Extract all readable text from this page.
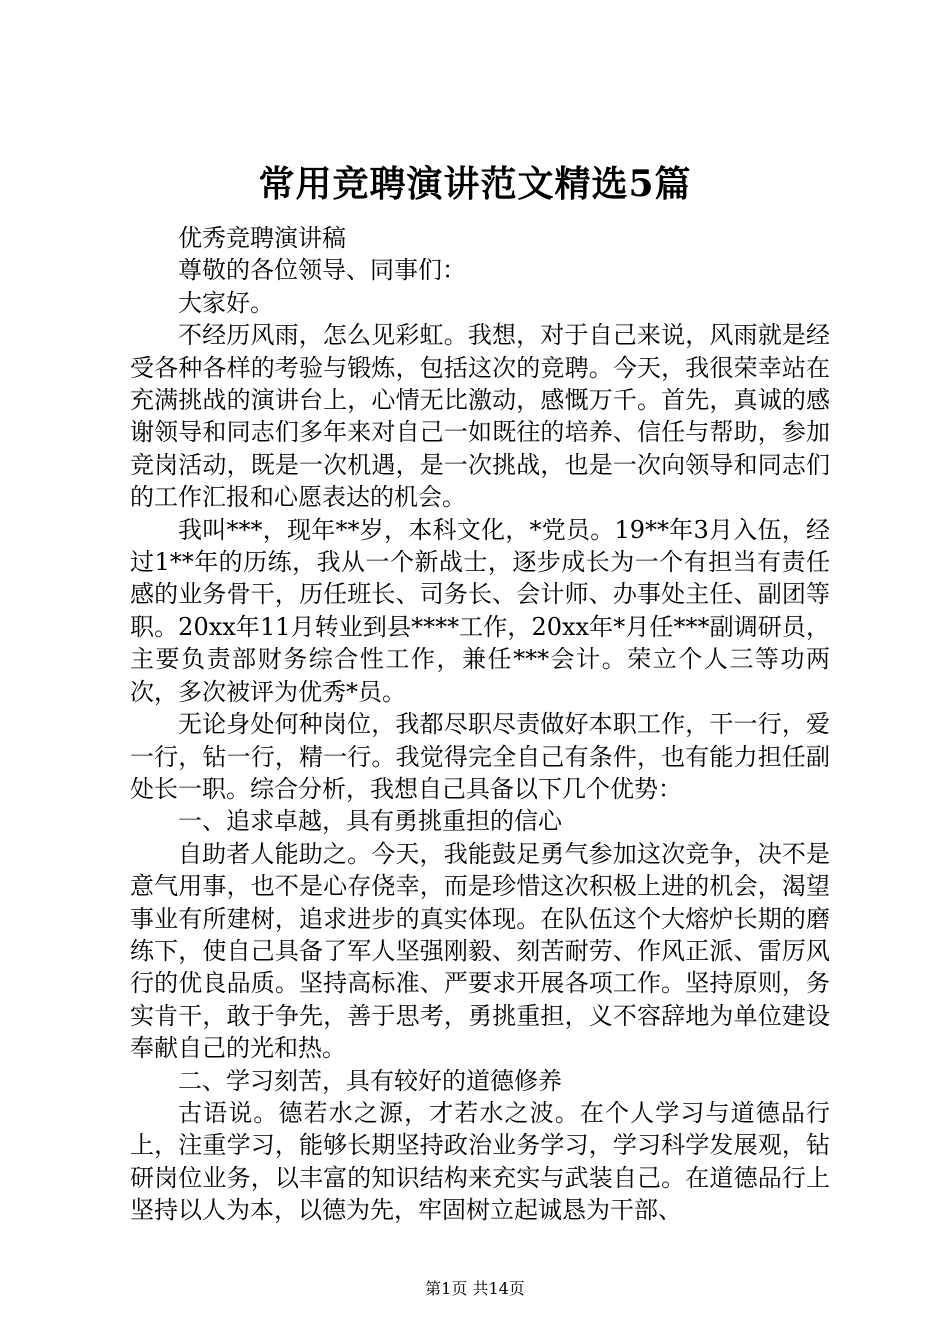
常用竞聘演讲范文精选5篇

优秀竞聘演讲稿

尊敬的各位领导、同事们：

大家好。

不经历风雨，怎么见彩虹。我想，对于自己来说，风雨就是经受各种各样的考验与锻炼，包括这次的竞聘。今天，我很荣幸站在充满挑战的演讲台上，心情无比激动，感慨万千。首先，真诚的感谢领导和同志们多年来对自己一如既往的培养、信任与帮助，参加竞岗活动，既是一次机遇，是一次挑战，也是一次向领导和同志们的工作汇报和心愿表达的机会。

我叫***，现年**岁，本科文化，*党员。19**年3月入伍，经过1**年的历练，我从一个新战士，逐步成长为一个有担当有责任感的业务骨干，历任班长、司务长、会计师、办事处主任、副团等职。20xx年11月转业到县****工作，20xx年*月任***副调研员，主要负责部财务综合性工作，兼任***会计。荣立个人三等功两次，多次被评为优秀*员。

无论身处何种岗位，我都尽职尽责做好本职工作，干一行，爱一行，钻一行，精一行。我觉得完全自己有条件，也有能力担任副处长一职。综合分析，我想自己具备以下几个优势：

一、追求卓越，具有勇挑重担的信心

自助者人能助之。今天，我能鼓足勇气参加这次竞争，决不是意气用事，也不是心存侥幸，而是珍惜这次积极上进的机会，渴望事业有所建树，追求进步的真实体现。在队伍这个大熔炉长期的磨练下，使自己具备了军人坚强刚毅、刻苦耐劳、作风正派、雷厉风行的优良品质。坚持高标准、严要求开展各项工作。坚持原则，务实肯干，敢于争先，善于思考，勇挑重担，义不容辞地为单位建设奉献自己的光和热。

二、学习刻苦，具有较好的道德修养

古语说。德若水之源，才若水之波。在个人学习与道德品行上，注重学习，能够长期坚持政治业务学习，学习科学发展观，钻研岗位业务，以丰富的知识结构来充实与武装自己。在道德品行上坚持以人为本，以德为先，牢固树立起诚恳为干部、

第1页 共14页
